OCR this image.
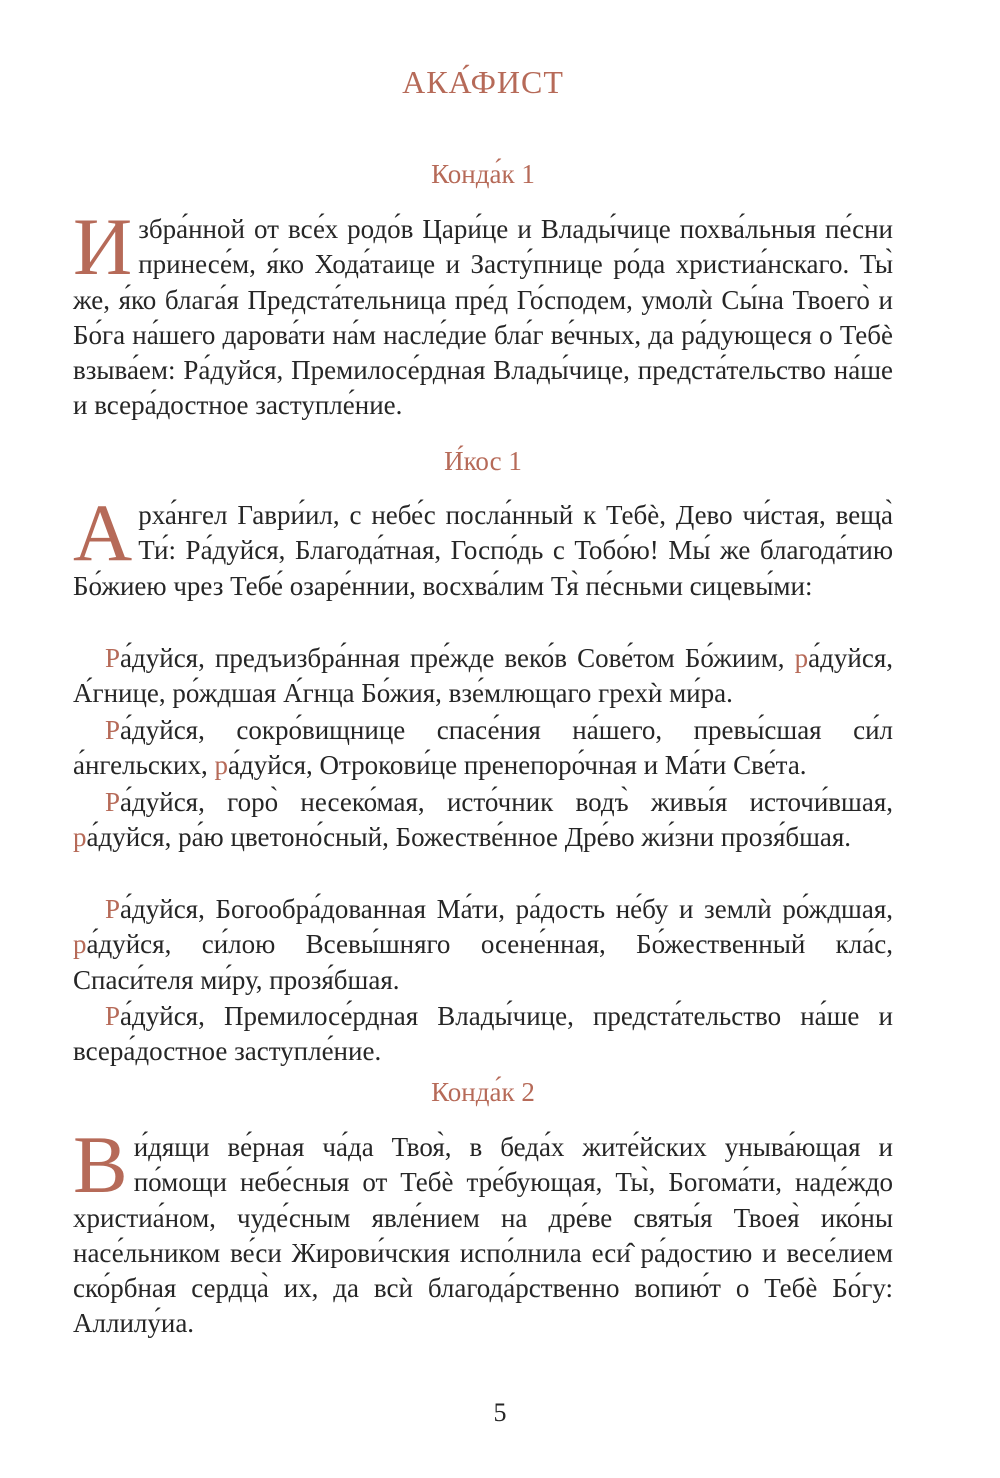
АКА́ФИСТ
Конда́к 1
Избра́нной от все́х родо́в Цари́це и Влады́чице похва́льныя пе́сни принесе́м, я́ко Хода́таице и Засту́пнице ро́да христиа́нскаго. Ты̀ же, я́ко блага́я Предста́тельница пре́д Го́сподем, умолѝ Сы́на Твоего̀ и Бо́га на́шего дарова́ти на́м насле́дие бла́г ве́чных, да ра́дующеся о Тебѐ взыва́ем: Ра́дуйся, Премилосе́рдная Влады́чице, предста́тельство на́ше и всера́достное заступле́ние.
И́кос 1
Арха́нгел Гаври́ил, с небе́с посла́нный к Тебѐ, Дево чи́стая, веща̀ Ти́: Ра́дуйся, Благода́тная, Госпо́дь с Тобо́ю! Мы́ же благода́тию Бо́жиею чрез Тебе́ озаре́ннии, восхва́лим Тя̀ пе́сньми сицевы́ми:
Ра́дуйся, предъизбра́нная пре́жде веко́в Сове́том Бо́жиим, ра́дуйся, А́гнице, ро́ждшая А́гнца Бо́жия, взе́млющаго грехѝ ми́ра.
Ра́дуйся, сокро́вищнице спасе́ния на́шего, превы́сшая си́л а́нгельских, ра́дуйся, Отрокови́це пренепоро́чная и Ма́ти Све́та.
Ра́дуйся, горо̀ несеко́мая, исто́чник водъ̀ живы́я источи́вшая, ра́дуйся, ра́ю цветоно́сный, Божестве́нное Дре́во жи́зни прозя́бшая.
Ра́дуйся, Богообра́дованная Ма́ти, ра́дость не́бу и землѝ ро́ждшая, ра́дуйся, си́лою Всевы́шняго осене́нная, Бо́жественный кла́с, Спаси́теля ми́ру, прозя́бшая.
Ра́дуйся, Премилосе́рдная Влады́чице, предста́тельство на́ше и всера́достное заступле́ние.
Конда́к 2
Ви́дящи ве́рная ча́да Твоя̀, в беда́х жите́йских уныва́ющая и по́мощи небе́сныя от Тебѐ тре́бующая, Ты̀, Богома́ти, наде́ждо христиа́ном, чуде́сным явле́нием на дре́ве святы́я Твоея̀ ико́ны насе́льником ве́си Жирови́чския испо́лнила еси̂ ра́достию и весе́лием ско́рбная сердца̀ их, да всѝ благода́рственно вопию́т о Тебѐ Бо́гу: Аллилу́иа.
5
